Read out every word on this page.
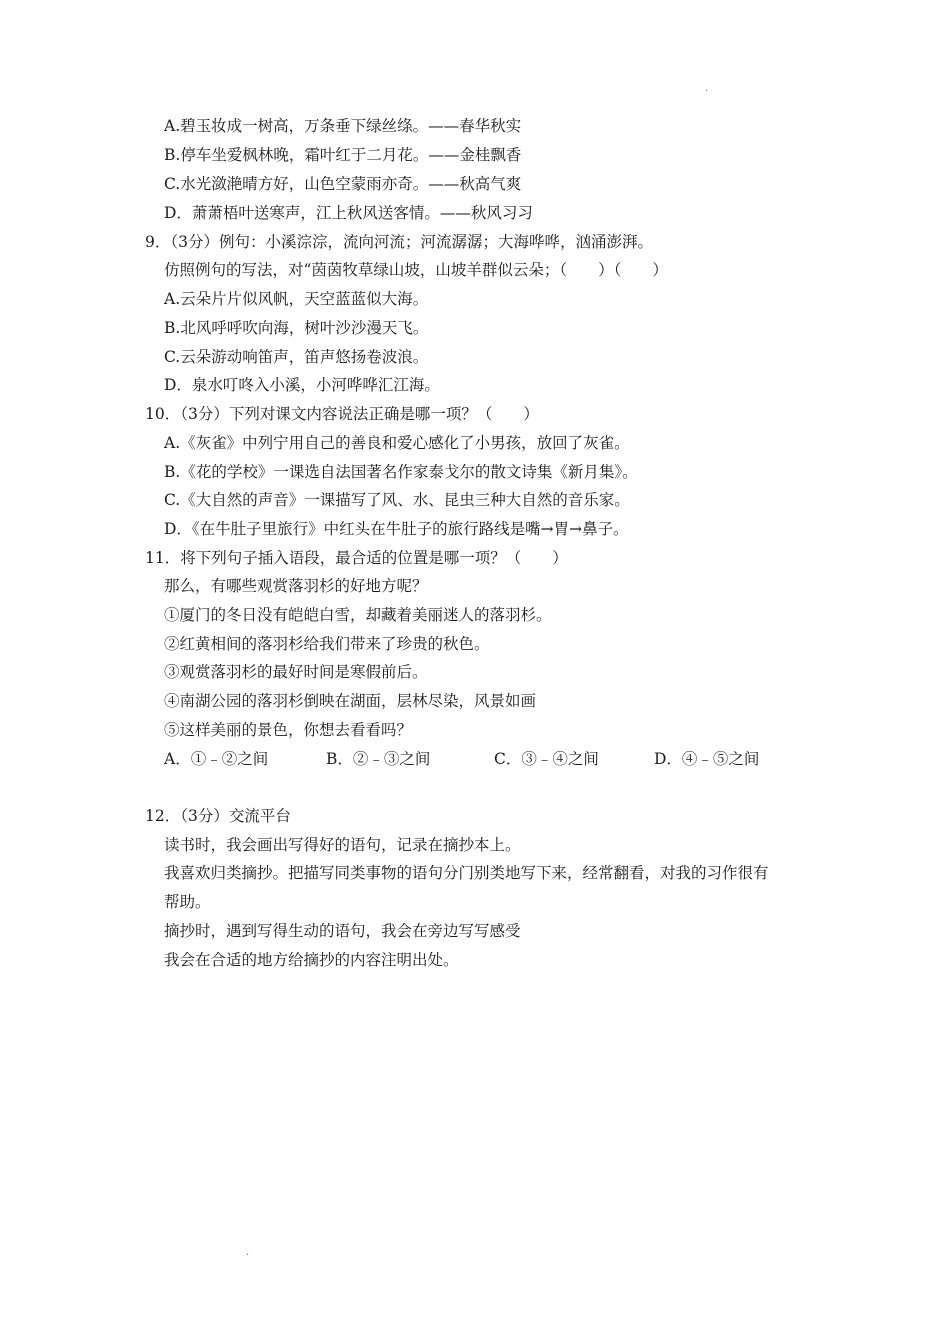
.
A.碧玉妆成一树高，万条垂下绿丝绦。——春华秋实
B.停车坐爱枫林晚，霜叶红于二月花。——金桂飘香
C.水光潋滟晴方好，山色空蒙雨亦奇。——秋高气爽
D．萧萧梧叶送寒声，江上秋风送客情。——秋风习习
9．（3分）例句：小溪淙淙，流向河流；河流潺潺；大海哗哗，汹涌澎湃。
仿照例句的写法，对“茵茵牧草绿山坡，山坡羊群似云朵；（　　）（　　）
A.云朵片片似风帆，天空蓝蓝似大海。
B.北风呼呼吹向海，树叶沙沙漫天飞。
C.云朵游动响笛声，笛声悠扬卷波浪。
D．泉水叮咚入小溪，小河哗哗汇江海。
10．（3分）下列对课文内容说法正确是哪一项？（　　）
A.《灰雀》中列宁用自己的善良和爱心感化了小男孩，放回了灰雀。
B.《花的学校》一课选自法国著名作家泰戈尔的散文诗集《新月集》。
C.《大自然的声音》一课描写了风、水、昆虫三种大自然的音乐家。
D．《在牛肚子里旅行》中红头在牛肚子的旅行路线是嘴→胃→鼻子。
11．将下列句子插入语段，最合适的位置是哪一项？（　　）
那么，有哪些观赏落羽杉的好地方呢？
①厦门的冬日没有皑皑白雪，却藏着美丽迷人的落羽杉。
②红黄相间的落羽杉给我们带来了珍贵的秋色。
③观赏落羽杉的最好时间是寒假前后。
④南湖公园的落羽杉倒映在湖面，层林尽染，风景如画
⑤这样美丽的景色，你想去看看吗？
A．①﹣②之间	B．②﹣③之间	C．③﹣④之间	D．④﹣⑤之间
12．（3分）交流平台
读书时，我会画出写得好的语句，记录在摘抄本上。
我喜欢归类摘抄。把描写同类事物的语句分门别类地写下来，经常翻看，对我的习作很有
帮助。
摘抄时，遇到写得生动的语句，我会在旁边写写感受
我会在合适的地方给摘抄的内容注明出处。
.
